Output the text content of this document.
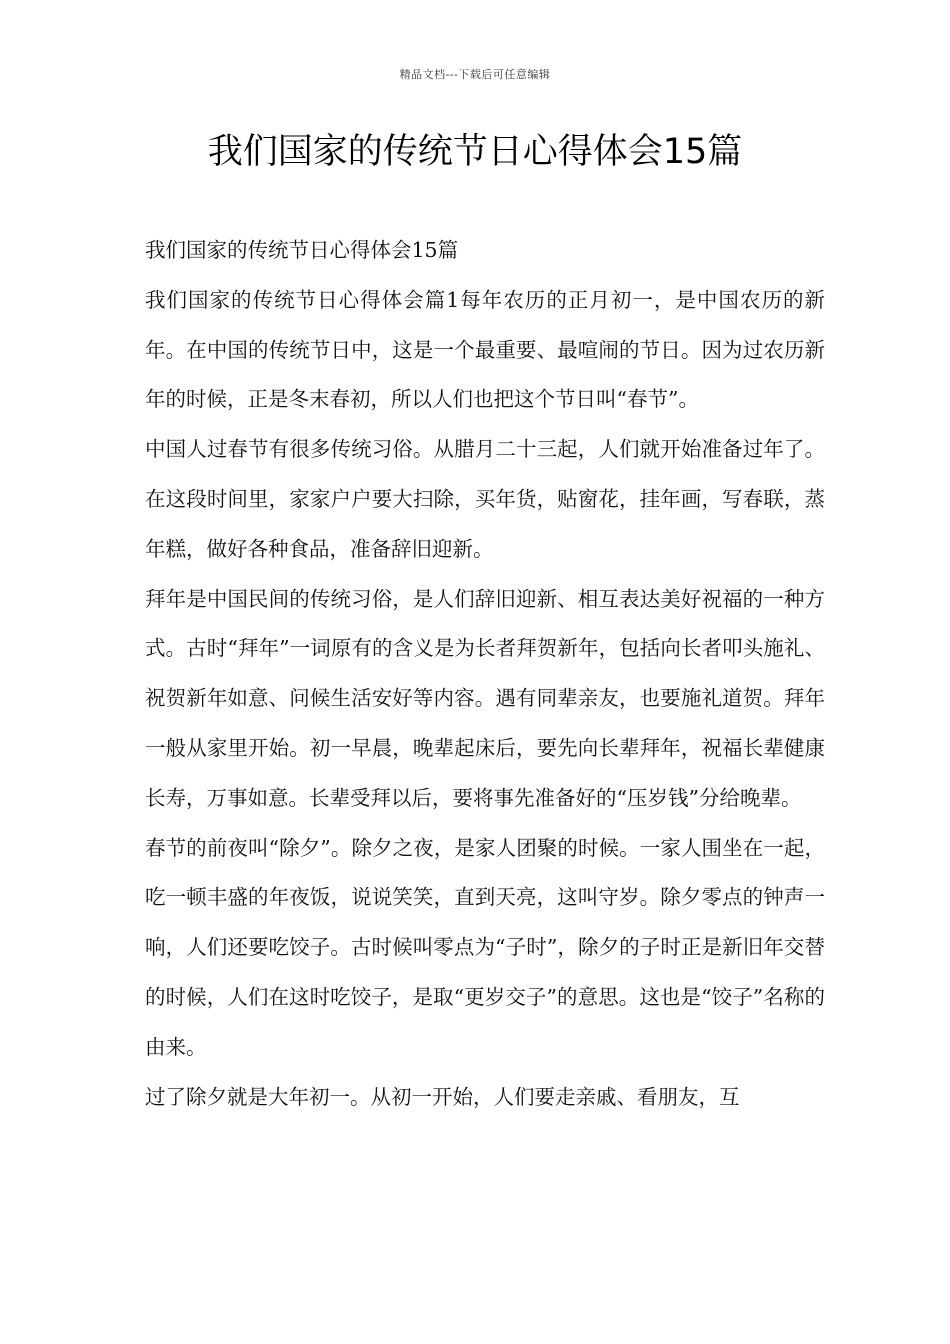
精品文档---下载后可任意编辑
我们国家的传统节日心得体会15篇

我们国家的传统节日心得体会15篇

我们国家的传统节日心得体会篇1每年农历的正月初一，是中国农历的新年。在中国的传统节日中，这是一个最重要、最喧闹的节日。因为过农历新年的时候，正是冬末春初，所以人们也把这个节日叫“春节”。

中国人过春节有很多传统习俗。从腊月二十三起，人们就开始准备过年了。在这段时间里，家家户户要大扫除，买年货，贴窗花，挂年画，写春联，蒸年糕，做好各种食品，准备辞旧迎新。

拜年是中国民间的传统习俗，是人们辞旧迎新、相互表达美好祝福的一种方式。古时“拜年”一词原有的含义是为长者拜贺新年，包括向长者叩头施礼、祝贺新年如意、问候生活安好等内容。遇有同辈亲友，也要施礼道贺。拜年一般从家里开始。初一早晨，晚辈起床后，要先向长辈拜年，祝福长辈健康长寿，万事如意。长辈受拜以后，要将事先准备好的“压岁钱”分给晚辈。

春节的前夜叫“除夕”。除夕之夜，是家人团聚的时候。一家人围坐在一起，吃一顿丰盛的年夜饭，说说笑笑，直到天亮，这叫守岁。除夕零点的钟声一响，人们还要吃饺子。古时候叫零点为“子时”，除夕的子时正是新旧年交替的时候，人们在这时吃饺子，是取“更岁交子”的意思。这也是“饺子”名称的由来。

过了除夕就是大年初一。从初一开始，人们要走亲戚、看朋友，互
